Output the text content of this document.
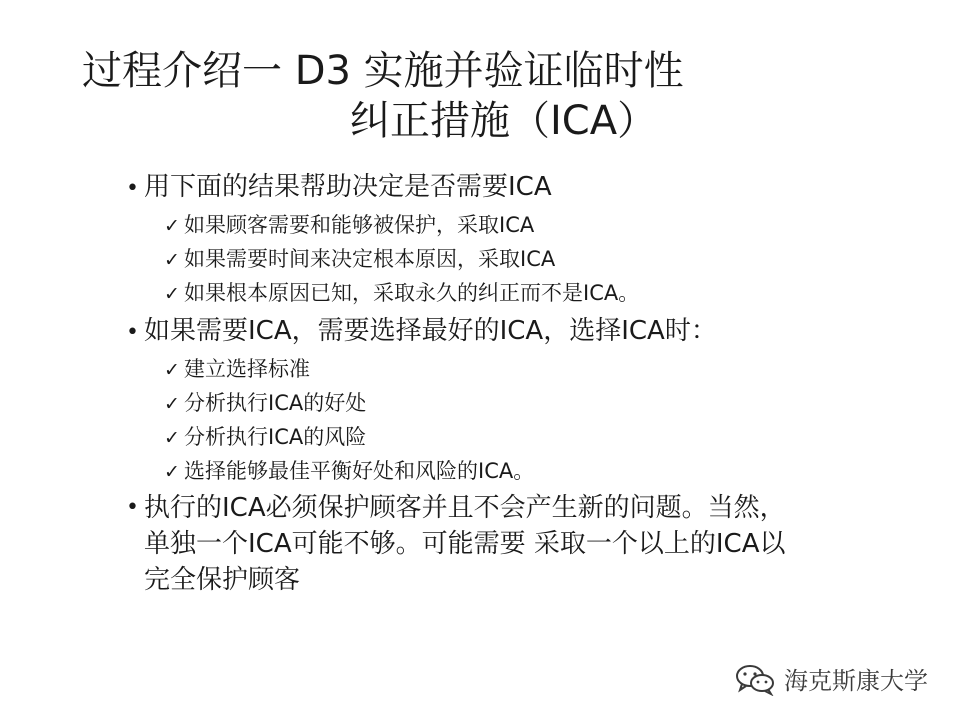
过程介绍一 D3 实施并验证临时性
纠正措施（ICA）
• 用下面的结果帮助决定是否需要ICA
✓ 如果顾客需要和能够被保护，采取ICA
✓ 如果需要时间来决定根本原因，采取ICA
✓ 如果根本原因已知，采取永久的纠正而不是ICA。
• 如果需要ICA，需要选择最好的ICA，选择ICA时：
✓ 建立选择标准
✓ 分析执行ICA的好处
✓ 分析执行ICA的风险
✓ 选择能够最佳平衡好处和风险的ICA。
• 执行的ICA必须保护顾客并且不会产生新的问题。当然，
单独一个ICA可能不够。可能需要 采取一个以上的ICA以
完全保护顾客
海克斯康大学
